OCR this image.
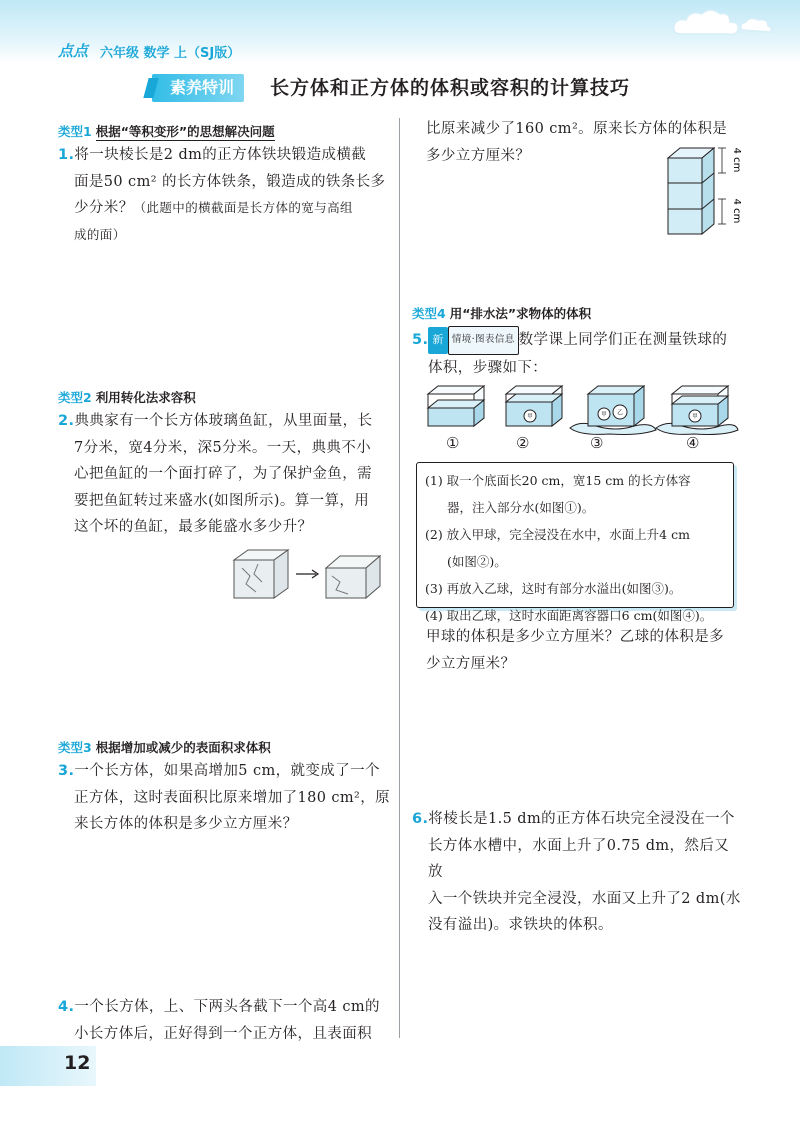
点点 六年级 数学 上（SJ版）
素养特训	长方体和正方体的体积或容积的计算技巧
类型1 根据“等积变形”的思想解决问题
1.将一块棱长是2 dm的正方体铁块锻造成横截
面是50 cm² 的长方体铁条，锻造成的铁条长多
少分米？（此题中的横截面是长方体的宽与高组
成的面）
类型2 利用转化法求容积
2.典典家有一个长方体玻璃鱼缸，从里面量，长
7分米，宽4分米，深5分米。一天，典典不小
心把鱼缸的一个面打碎了，为了保护金鱼，需
要把鱼缸转过来盛水(如图所示)。算一算，用
这个坏的鱼缸，最多能盛水多少升？
类型3 根据增加或减少的表面积求体积
3.一个长方体，如果高增加5 cm，就变成了一个
正方体，这时表面积比原来增加了180 cm²，原
来长方体的体积是多少立方厘米？
4.一个长方体，上、下两头各截下一个高4 cm的
小长方体后，正好得到一个正方体，且表面积
12
比原来减少了160 cm²。原来长方体的体积是
多少立方厘米？	4 cm
4 cm
类型4 用“排水法”求物体的体积
5. 新 情境·图表信息 数学课上同学们正在测量铁球的
体积，步骤如下：
甲	甲 乙
甲
①	②	③	④
(1) 取一个底面长20 cm，宽15 cm 的长方体容
器，注入部分水(如图①)。
(2) 放入甲球，完全浸没在水中，水面上升4 cm
(如图②)。
(3) 再放入乙球，这时有部分水溢出(如图③)。
(4) 取出乙球，这时水面距离容器口6 cm(如图④)。
甲球的体积是多少立方厘米？乙球的体积是多
少立方厘米？
6.将棱长是1.5 dm的正方体石块完全浸没在一个
长方体水槽中，水面上升了0.75 dm，然后又放
入一个铁块并完全浸没，水面又上升了2 dm(水
没有溢出)。求铁块的体积。
